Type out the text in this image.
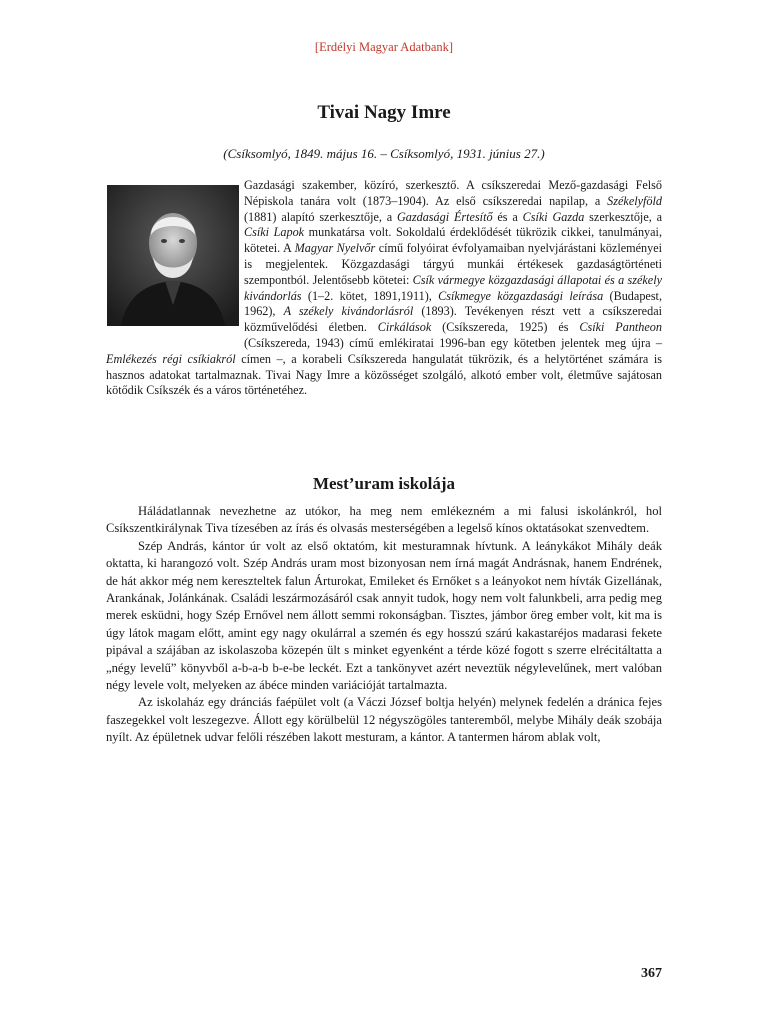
[Erdélyi Magyar Adatbank]
Tivai Nagy Imre
(Csíksomlyó, 1849. május 16. – Csíksomlyó, 1931. június 27.)

Gazdasági szakember, közíró, szerkesztő. A csíkszeredai Mező-gazdasági Felső Népiskola tanára volt (1873–1904). Az első csíkszeredai napilap, a Székelyföld (1881) alapító szerkesztője, a Gazdasági Értesítő és a Csíki Gazda szerkesztője, a Csíki Lapok munkatársa volt. Sokoldalú érdeklődését tükrözik cikkei, tanulmányai, kötetei. A Magyar Nyelvőr című folyóirat évfolyamaiban nyelvjárástani közleményei is megjelentek. Közgazdasági tárgyú munkái értékesek gazdaságtörténeti szempontból. Jelentősebb kötetei: Csík vármegye közgazdasági állapotai és a székely kivándorlás (1–2. kötet, 1891,1911), Csíkmegye közgazdasági leírása (Budapest, 1962), A székely kivándorlásról (1893). Tevékenyen részt vett a csíkszeredai közművelődési életben. Cirkálások (Csíkszereda, 1925) és Csíki Pantheon (Csíkszereda, 1943) című emlékiratai 1996-ban egy kötetben jelentek meg újra – Emlékezés régi csíkiakról címen –, a korabeli Csíkszereda hangulatát tükrözik, és a helytörténet számára is hasznos adatokat tartalmaznak. Tivai Nagy Imre a közösséget szolgáló, alkotó ember volt, életműve sajátosan kötődik Csíkszék és a város történetéhez.

Mest’uram iskolája

Háládatlannak nevezhetne az utókor, ha meg nem emlékezném a mi falusi iskolánkról, hol Csíkszentkirálynak Tiva tízesében az írás és olvasás mesterségében a legelső kínos oktatásokat szenvedtem.

Szép András, kántor úr volt az első oktatóm, kit mesturamnak hívtunk. A leánykákot Mihály deák oktatta, ki harangozó volt. Szép András uram most bizonyosan nem írná magát Andrásnak, hanem Endrének, de hát akkor még nem kereszteltek falun Árturokat, Emileket és Ernőket s a leányokot nem hívták Gizellának, Arankának, Jolánkának. Családi leszármozásáról csak annyit tudok, hogy nem volt falunkbeli, arra pedig meg merek esküdni, hogy Szép Ernővel nem állott semmi rokonságban. Tisztes, jámbor öreg ember volt, kit ma is úgy látok magam előtt, amint egy nagy okulárral a szemén és egy hosszú szárú kakastaréjos madarasi fekete pipával a szájában az iskolaszoba közepén ült s minket egyenként a térde közé fogott s szerre elrécitáltatta a „négy levelű” könyvből a-b-a-b b-e-be leckét. Ezt a tankönyvet azért neveztük négylevelűnek, mert valóban négy levele volt, melyeken az ábéce minden variációját tartalmazta.

Az iskolaház egy dránciás faépület volt (a Váczi József boltja helyén) melynek fedelén a dránica fejes faszegekkel volt leszegezve. Állott egy körülbelül 12 négyszögöles tanteremből, melybe Mihály deák szobája nyílt. Az épületnek udvar felőli részében lakott mesturam, a kántor. A tantermen három ablak volt,

367
